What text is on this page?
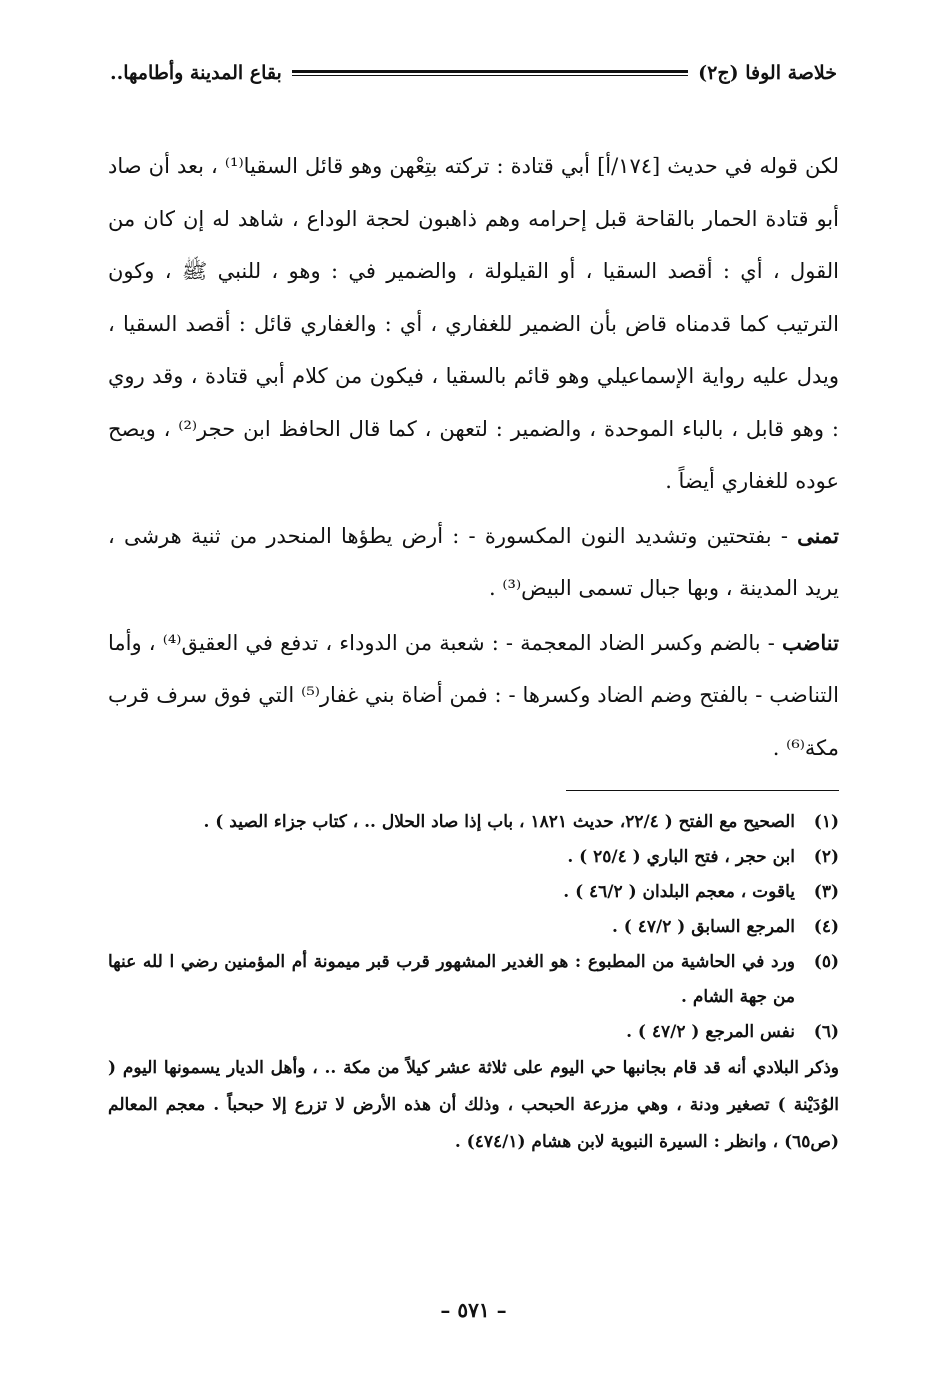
خلاصة الوفا (ج٢)
بقاع المدينة وأطامها..

لكن قوله في حديث [١٧٤/أ] أبي قتادة : تركته بتِعْهن وهو قائل السقيا⁽¹⁾ ، بعد أن صاد أبو قتادة الحمار بالقاحة قبل إحرامه وهم ذاهبون لحجة الوداع ، شاهد له إن كان من القول ، أي : أقصد السقيا ، أو القيلولة ، والضمير في : وهو ، للنبي ﷺ ، وكون الترتيب كما قدمناه قاض بأن الضمير للغفاري ، أي : والغفاري قائل : أقصد السقيا ، ويدل عليه رواية الإسماعيلي وهو قائم بالسقيا ، فيكون من كلام أبي قتادة ، وقد روي : وهو قابل ، بالباء الموحدة ، والضمير : لتعهن ، كما قال الحافظ ابن حجر⁽²⁾ ، ويصح عوده للغفاري أيضاً .

تمنى - بفتحتين وتشديد النون المكسورة - : أرض يطؤها المنحدر من ثنية هرشى ، يريد المدينة ، وبها جبال تسمى البيض⁽³⁾ .

تناضب - بالضم وكسر الضاد المعجمة - : شعبة من الدوداء ، تدفع في العقيق⁽⁴⁾ ، وأما التناضب - بالفتح وضم الضاد وكسرها - : فمن أضاة بني غفار⁽⁵⁾ التي فوق سرف قرب مكة⁽⁶⁾ .

(١)
الصحيح مع الفتح ( ٢٢/٤، حديث ١٨٢١ ، باب إذا صاد الحلال .. ، كتاب جزاء الصيد ) .
(٢)
ابن حجر ، فتح الباري ( ٢٥/٤ ) .
(٣)
ياقوت ، معجم البلدان ( ٤٦/٢ ) .
(٤)
المرجع السابق ( ٤٧/٢ ) .
(٥)
ورد في الحاشية من المطبوع : هو الغدير المشهور قرب قبر ميمونة أم المؤمنين رضي ا لله عنها من جهة الشام .
(٦)
نفس المرجع ( ٤٧/٢ ) .
وذكر البلادي أنه قد قام بجانبها حي اليوم على ثلاثة عشر كيلاً من مكة .. ، وأهل الديار يسمونها اليوم ( الوُدَيْنة ) تصغير ودنة ، وهي مزرعة الحبحب ، وذلك أن هذه الأرض لا تزرع إلا حبحباً . معجم المعالم (ص٦٥) ، وانظر : السيرة النبوية لابن هشام (٤٧٤/١) .
– ٥٧١ –
